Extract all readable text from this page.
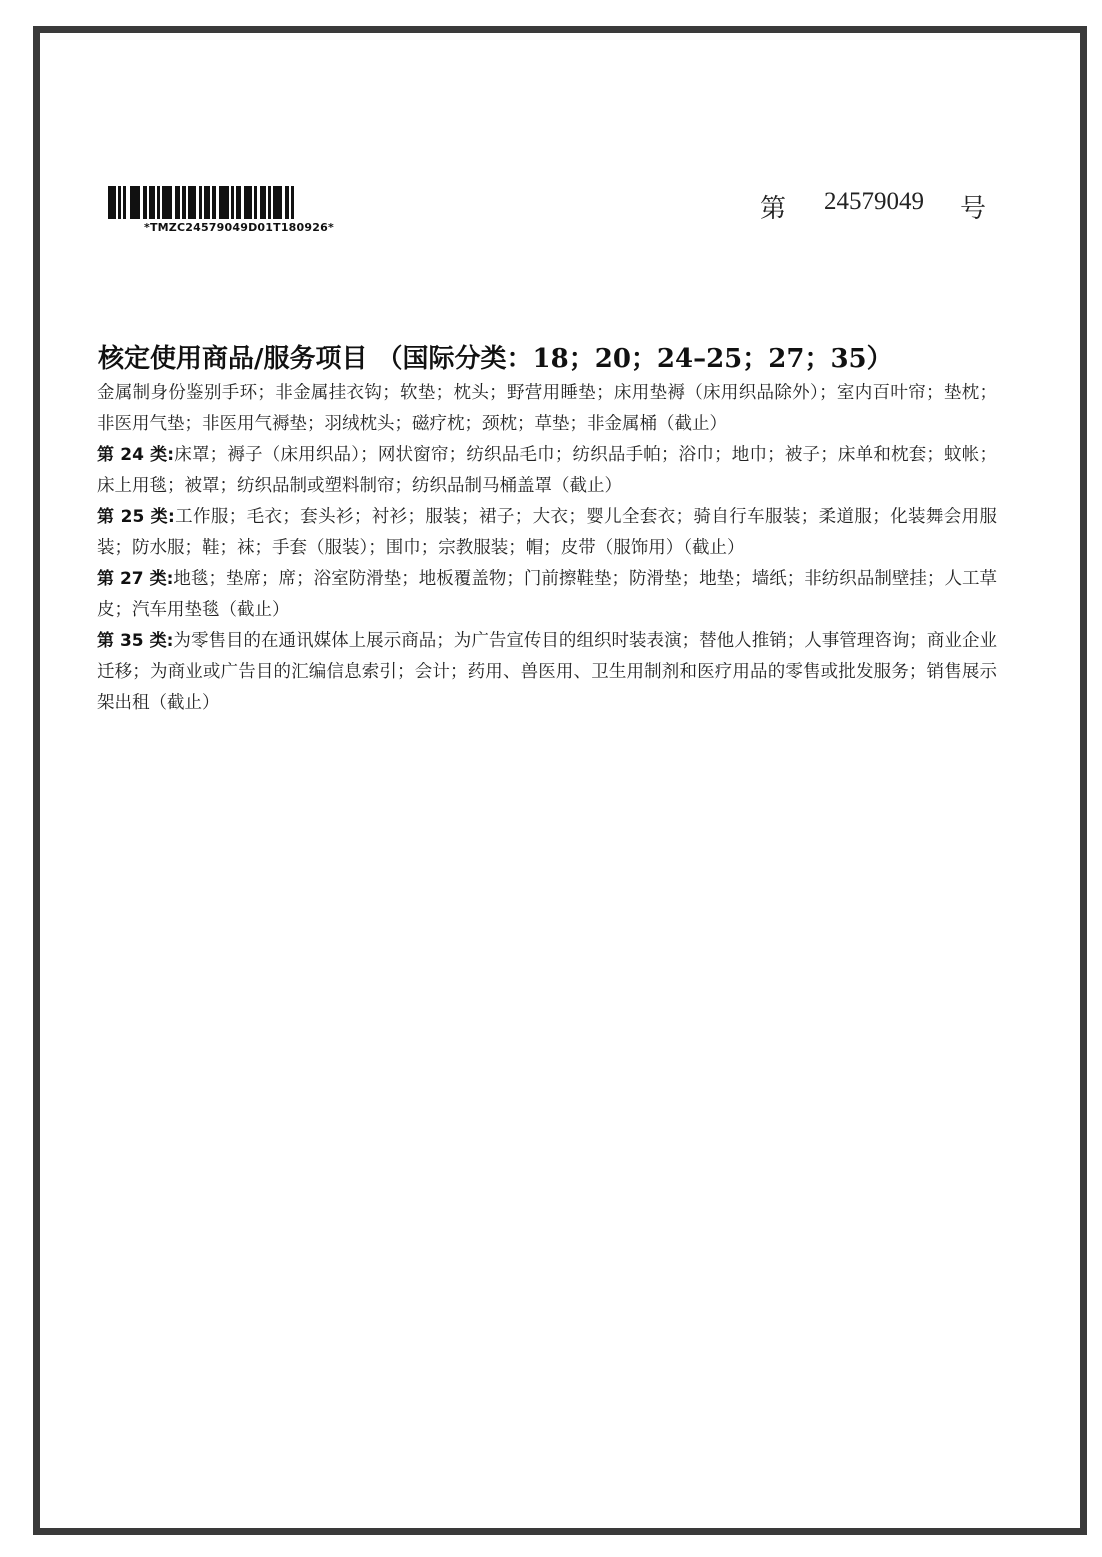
*TMZC24579049D01T180926*
第 24579049 号
核定使用商品/服务项目 （国际分类：18；20；24–25；27；35）

金属制身份鉴别手环；非金属挂衣钩；软垫；枕头；野营用睡垫；床用垫褥（床用织品除外）；室内百叶帘；垫枕；非医用气垫；非医用气褥垫；羽绒枕头；磁疗枕；颈枕；草垫；非金属桶（截止）

第 24 类:床罩；褥子（床用织品）；网状窗帘；纺织品毛巾；纺织品手帕；浴巾；地巾；被子；床单和枕套；蚊帐；床上用毯；被罩；纺织品制或塑料制帘；纺织品制马桶盖罩（截止）

第 25 类:工作服；毛衣；套头衫；衬衫；服装；裙子；大衣；婴儿全套衣；骑自行车服装；柔道服；化装舞会用服装；防水服；鞋；袜；手套（服装）；围巾；宗教服装；帽；皮带（服饰用）（截止）

第 27 类:地毯；垫席；席；浴室防滑垫；地板覆盖物；门前擦鞋垫；防滑垫；地垫；墙纸；非纺织品制壁挂；人工草皮；汽车用垫毯（截止）

第 35 类:为零售目的在通讯媒体上展示商品；为广告宣传目的组织时装表演；替他人推销；人事管理咨询；商业企业迁移；为商业或广告目的汇编信息索引；会计；药用、兽医用、卫生用制剂和医疗用品的零售或批发服务；销售展示架出租（截止）
